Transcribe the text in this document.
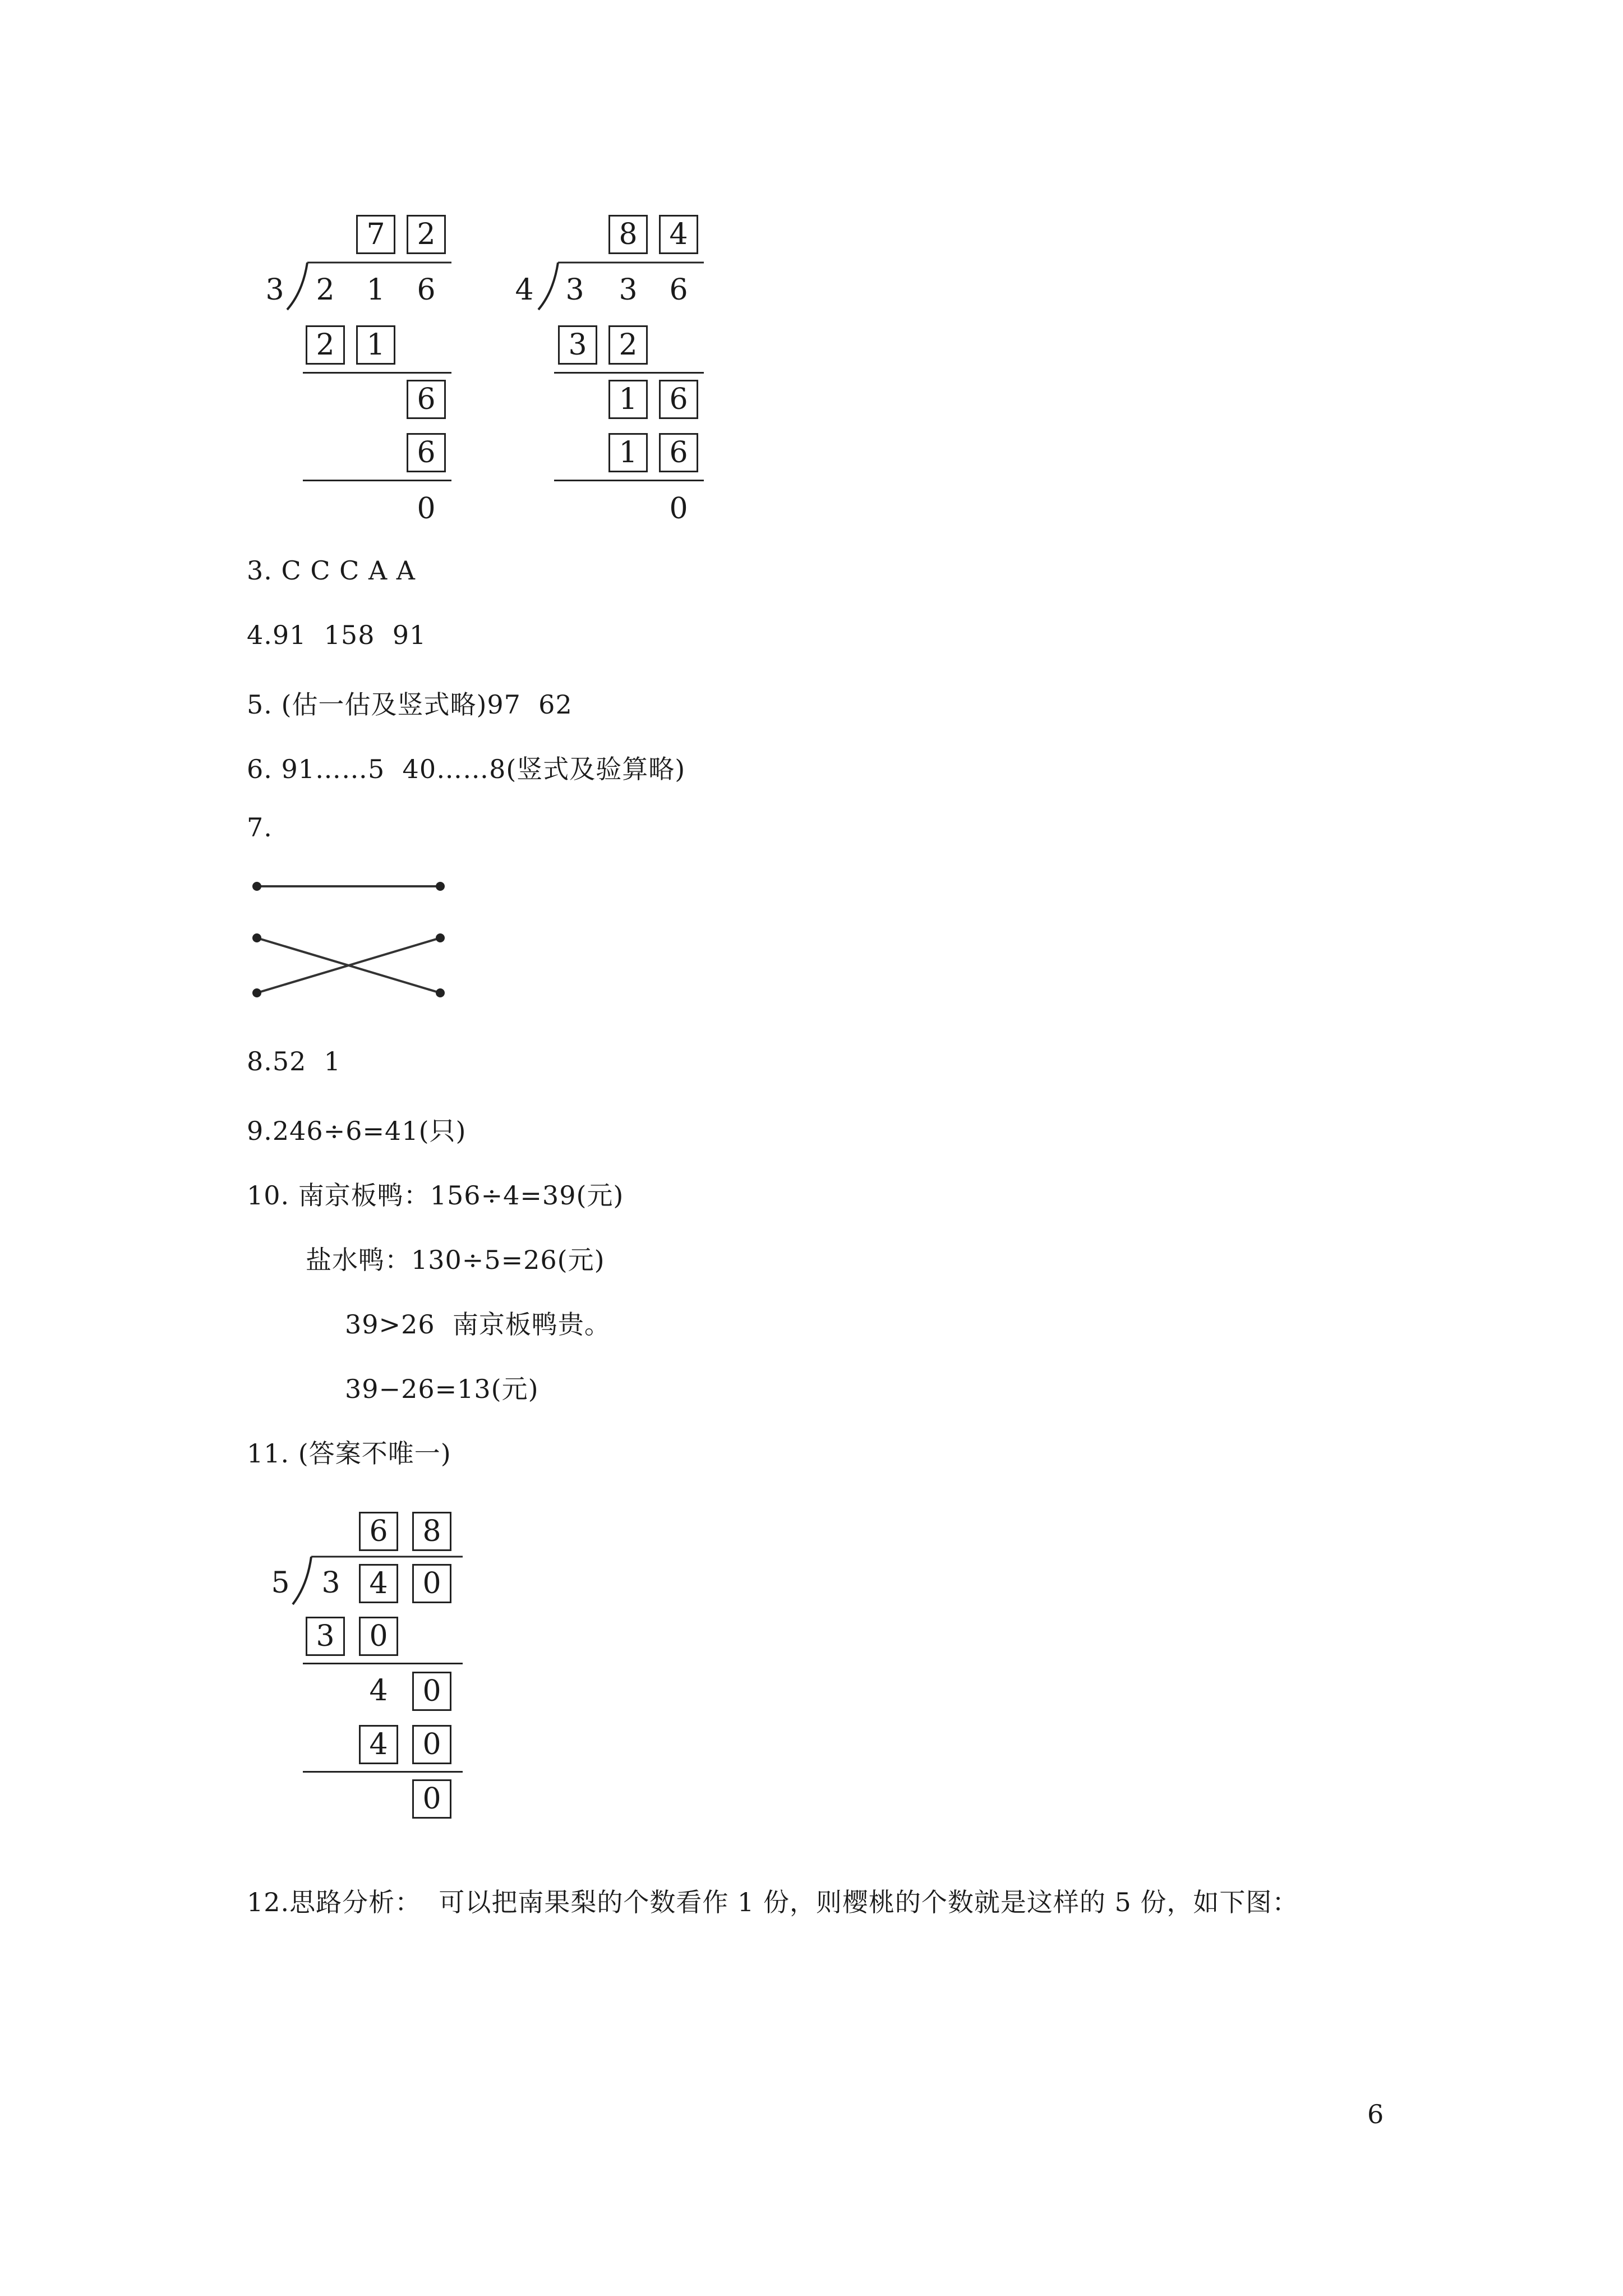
7	2
3	2	1	6
2	1
6
6
0
8	4
4	3	3	6
3	2
1	6
1	6
0
6	8
5	3 4	0
3	0
4	0
4	0
0
3. C C C A A
4.91  158  91
5. (估一估及竖式略)97  62
6. 91……5  40……8(竖式及验算略)
7.
8.52  1
9.246÷6=41(只)
10. 南京板鸭：156÷4=39(元)
盐水鸭：130÷5=26(元)
39>26  南京板鸭贵。
39−26=13(元)
11. (答案不唯一)
12.思路分析：  可以把南果梨的个数看作 1 份，则樱桃的个数就是这样的 5 份，如下图：
6
